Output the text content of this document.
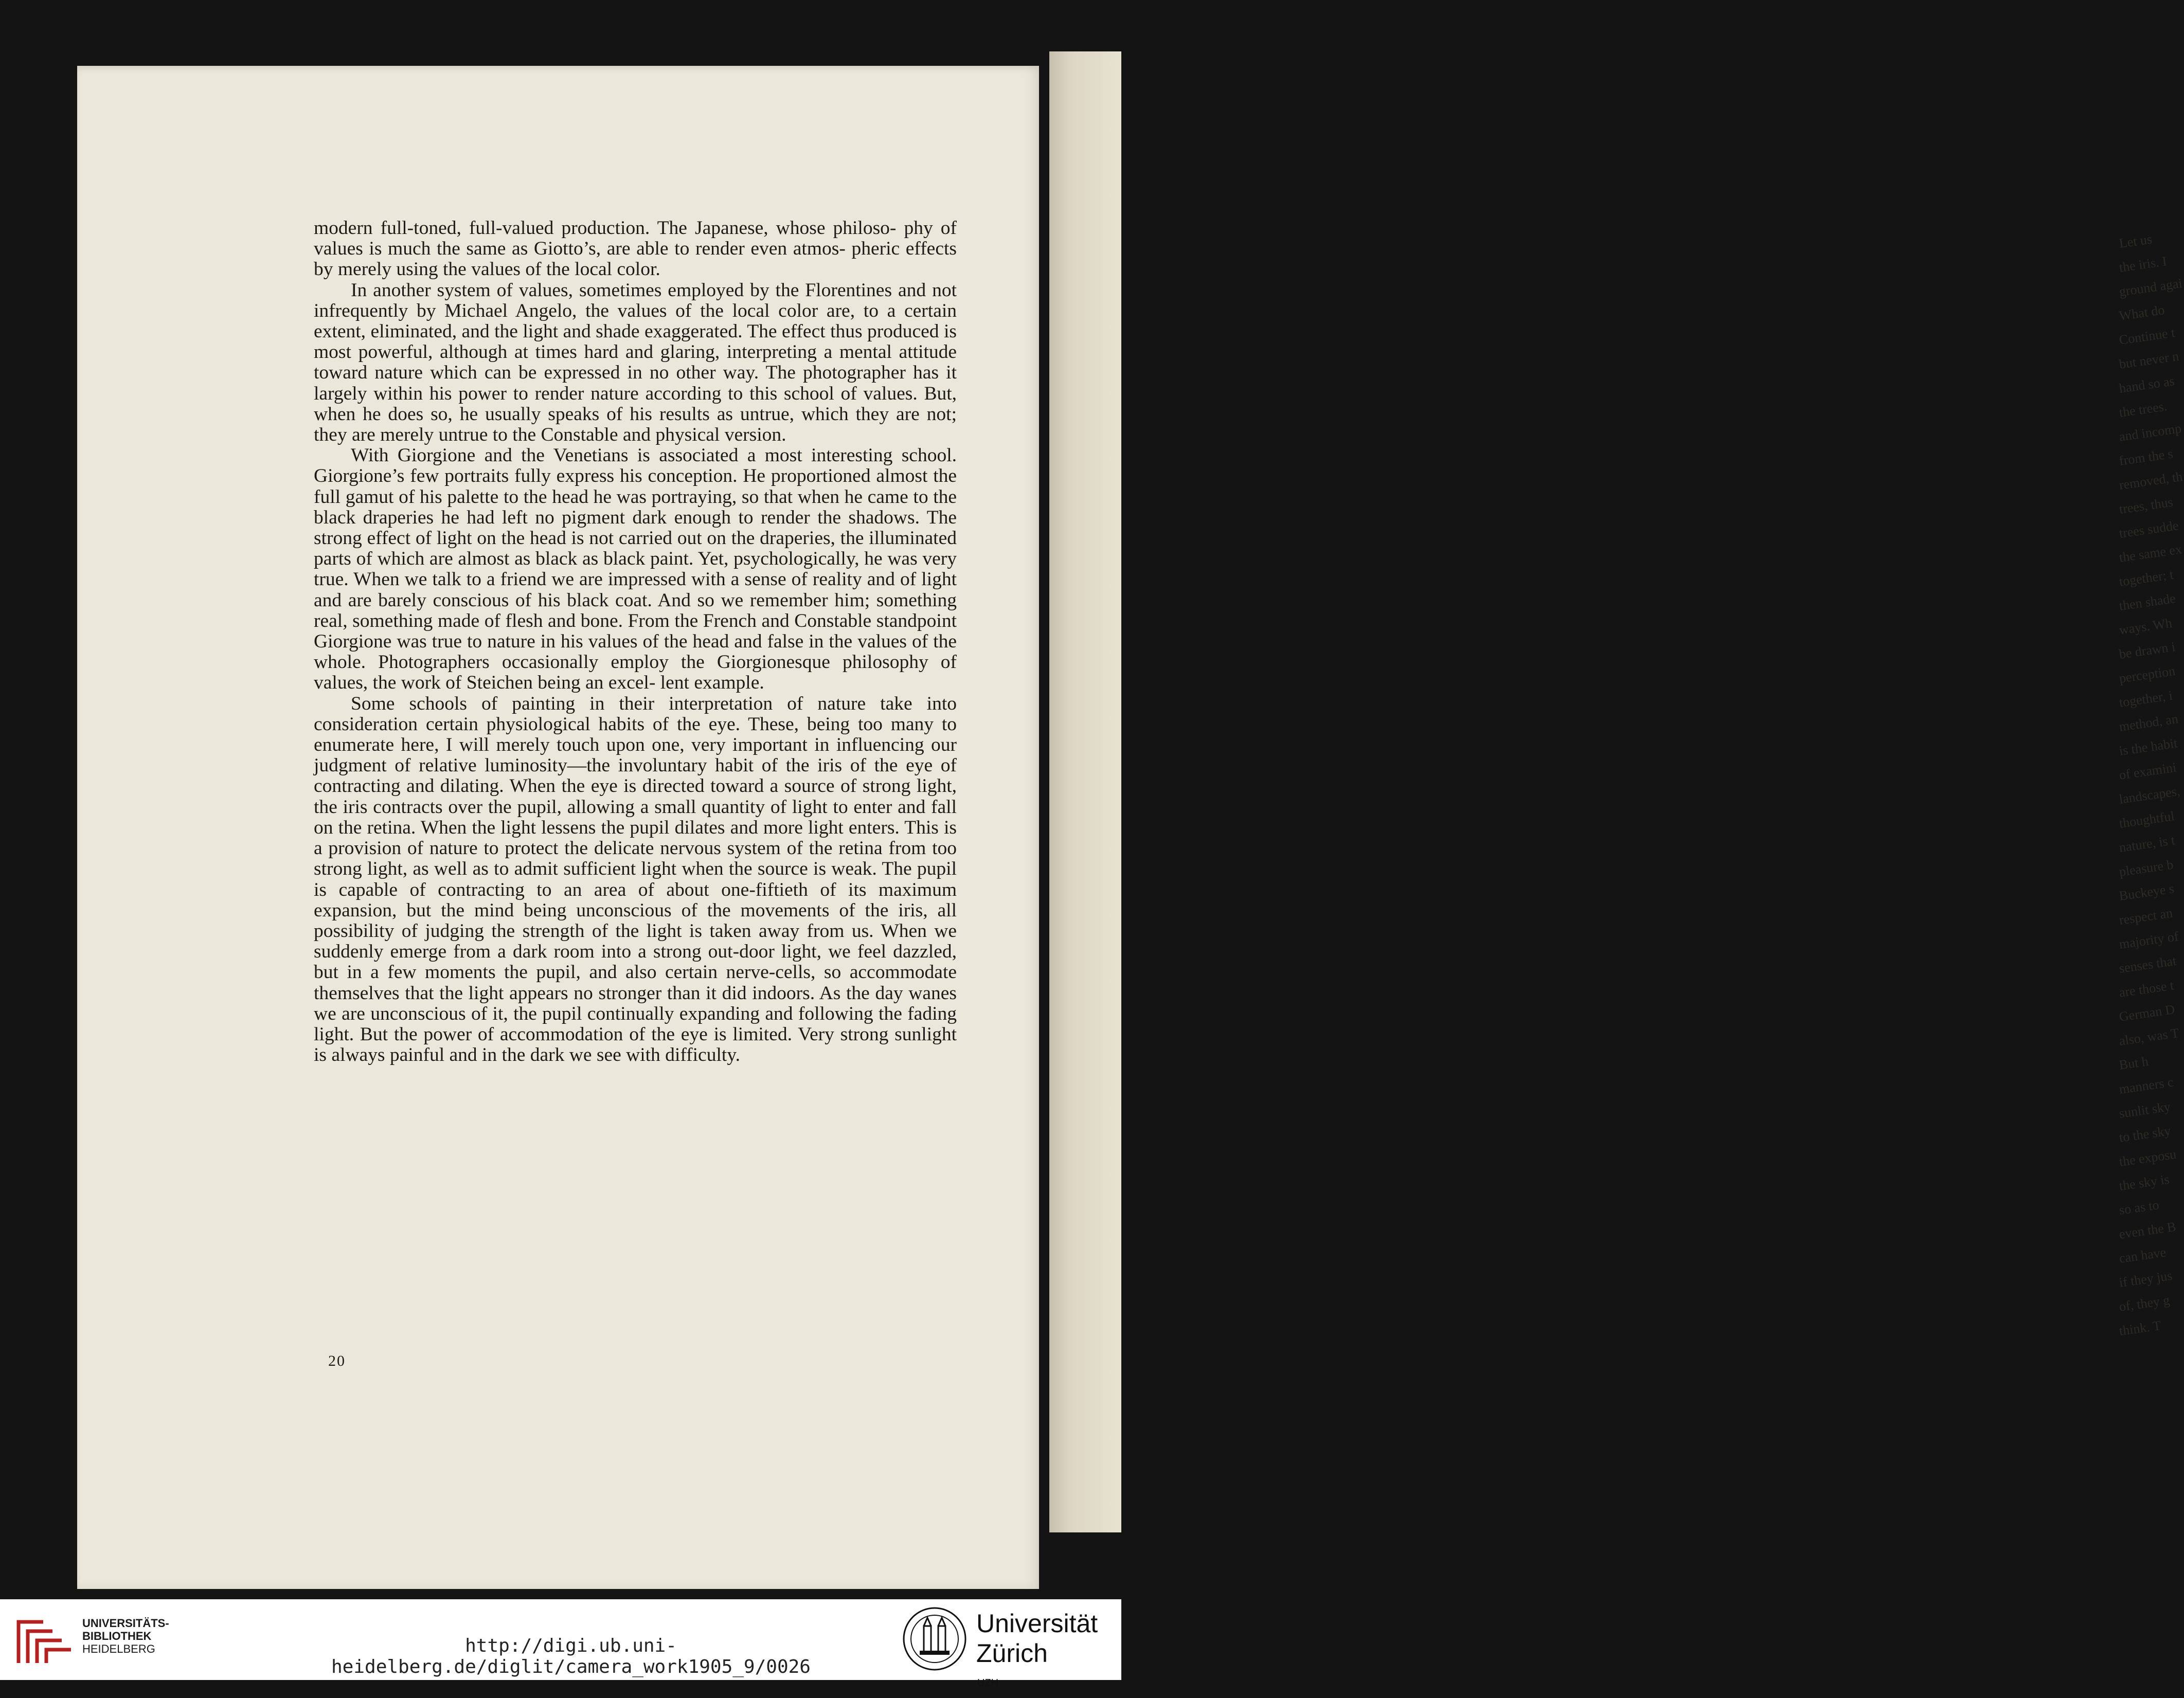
Let us
the iris. I
ground agai
What do
Continue t
but never n
hand so as
the trees.
and incomp
from the s
removed, th
trees, thus
trees sudde
the same ex
together; t
then shade
ways. Wh
be drawn i
perception
together, i
method, an
is the habit
of examini
landscapes,
thoughtful
nature, is t
pleasure b
Buckeye s
respect an
majority of
senses that
are those t
German D
also, was T
But h
manners c
sunlit sky
to the sky
the exposu
the sky is
so as to
even the B
can have
if they jus
of, they g
think. T

modern full-toned, full-valued production. The Japanese, whose philoso- phy of values is much the same as Giotto’s, are able to render even atmos- pheric effects by merely using the values of the local color.

In another system of values, sometimes employed by the Florentines and not infrequently by Michael Angelo, the values of the local color are, to a certain extent, eliminated, and the light and shade exaggerated. The effect thus produced is most powerful, although at times hard and glaring, interpreting a mental attitude toward nature which can be expressed in no other way. The photographer has it largely within his power to render nature according to this school of values. But, when he does so, he usually speaks of his results as untrue, which they are not; they are merely untrue to the Constable and physical version.

With Giorgione and the Venetians is associated a most interesting school. Giorgione’s few portraits fully express his conception. He proportioned almost the full gamut of his palette to the head he was portraying, so that when he came to the black draperies he had left no pigment dark enough to render the shadows. The strong effect of light on the head is not carried out on the draperies, the illuminated parts of which are almost as black as black paint. Yet, psychologically, he was very true. When we talk to a friend we are impressed with a sense of reality and of light and are barely conscious of his black coat. And so we remember him; something real, something made of flesh and bone. From the French and Constable standpoint Giorgione was true to nature in his values of the head and false in the values of the whole. Photographers occasionally employ the Giorgionesque philosophy of values, the work of Steichen being an excel- lent example.

Some schools of painting in their interpretation of nature take into consideration certain physiological habits of the eye. These, being too many to enumerate here, I will merely touch upon one, very important in influencing our judgment of relative luminosity—the involuntary habit of the iris of the eye of contracting and dilating. When the eye is directed toward a source of strong light, the iris contracts over the pupil, allowing a small quantity of light to enter and fall on the retina. When the light lessens the pupil dilates and more light enters. This is a provision of nature to protect the delicate nervous system of the retina from too strong light, as well as to admit sufficient light when the source is weak. The pupil is capable of contracting to an area of about one-fiftieth of its maximum expansion, but the mind being unconscious of the movements of the iris, all possibility of judging the strength of the light is taken away from us. When we suddenly emerge from a dark room into a strong out-door light, we feel dazzled, but in a few moments the pupil, and also certain nerve-cells, so accommodate themselves that the light appears no stronger than it did indoors. As the day wanes we are unconscious of it, the pupil continually expanding and following the fading light. But the power of accommodation of the eye is limited. Very strong sunlight is always painful and in the dark we see with difficulty.

20
UNIVERSITÄTS-
BIBLIOTHEK
HEIDELBERG	http://digi.ub.uni-heidelberg.de/diglit/camera_work1905_9/0026
Universität
Zürich
UZH
